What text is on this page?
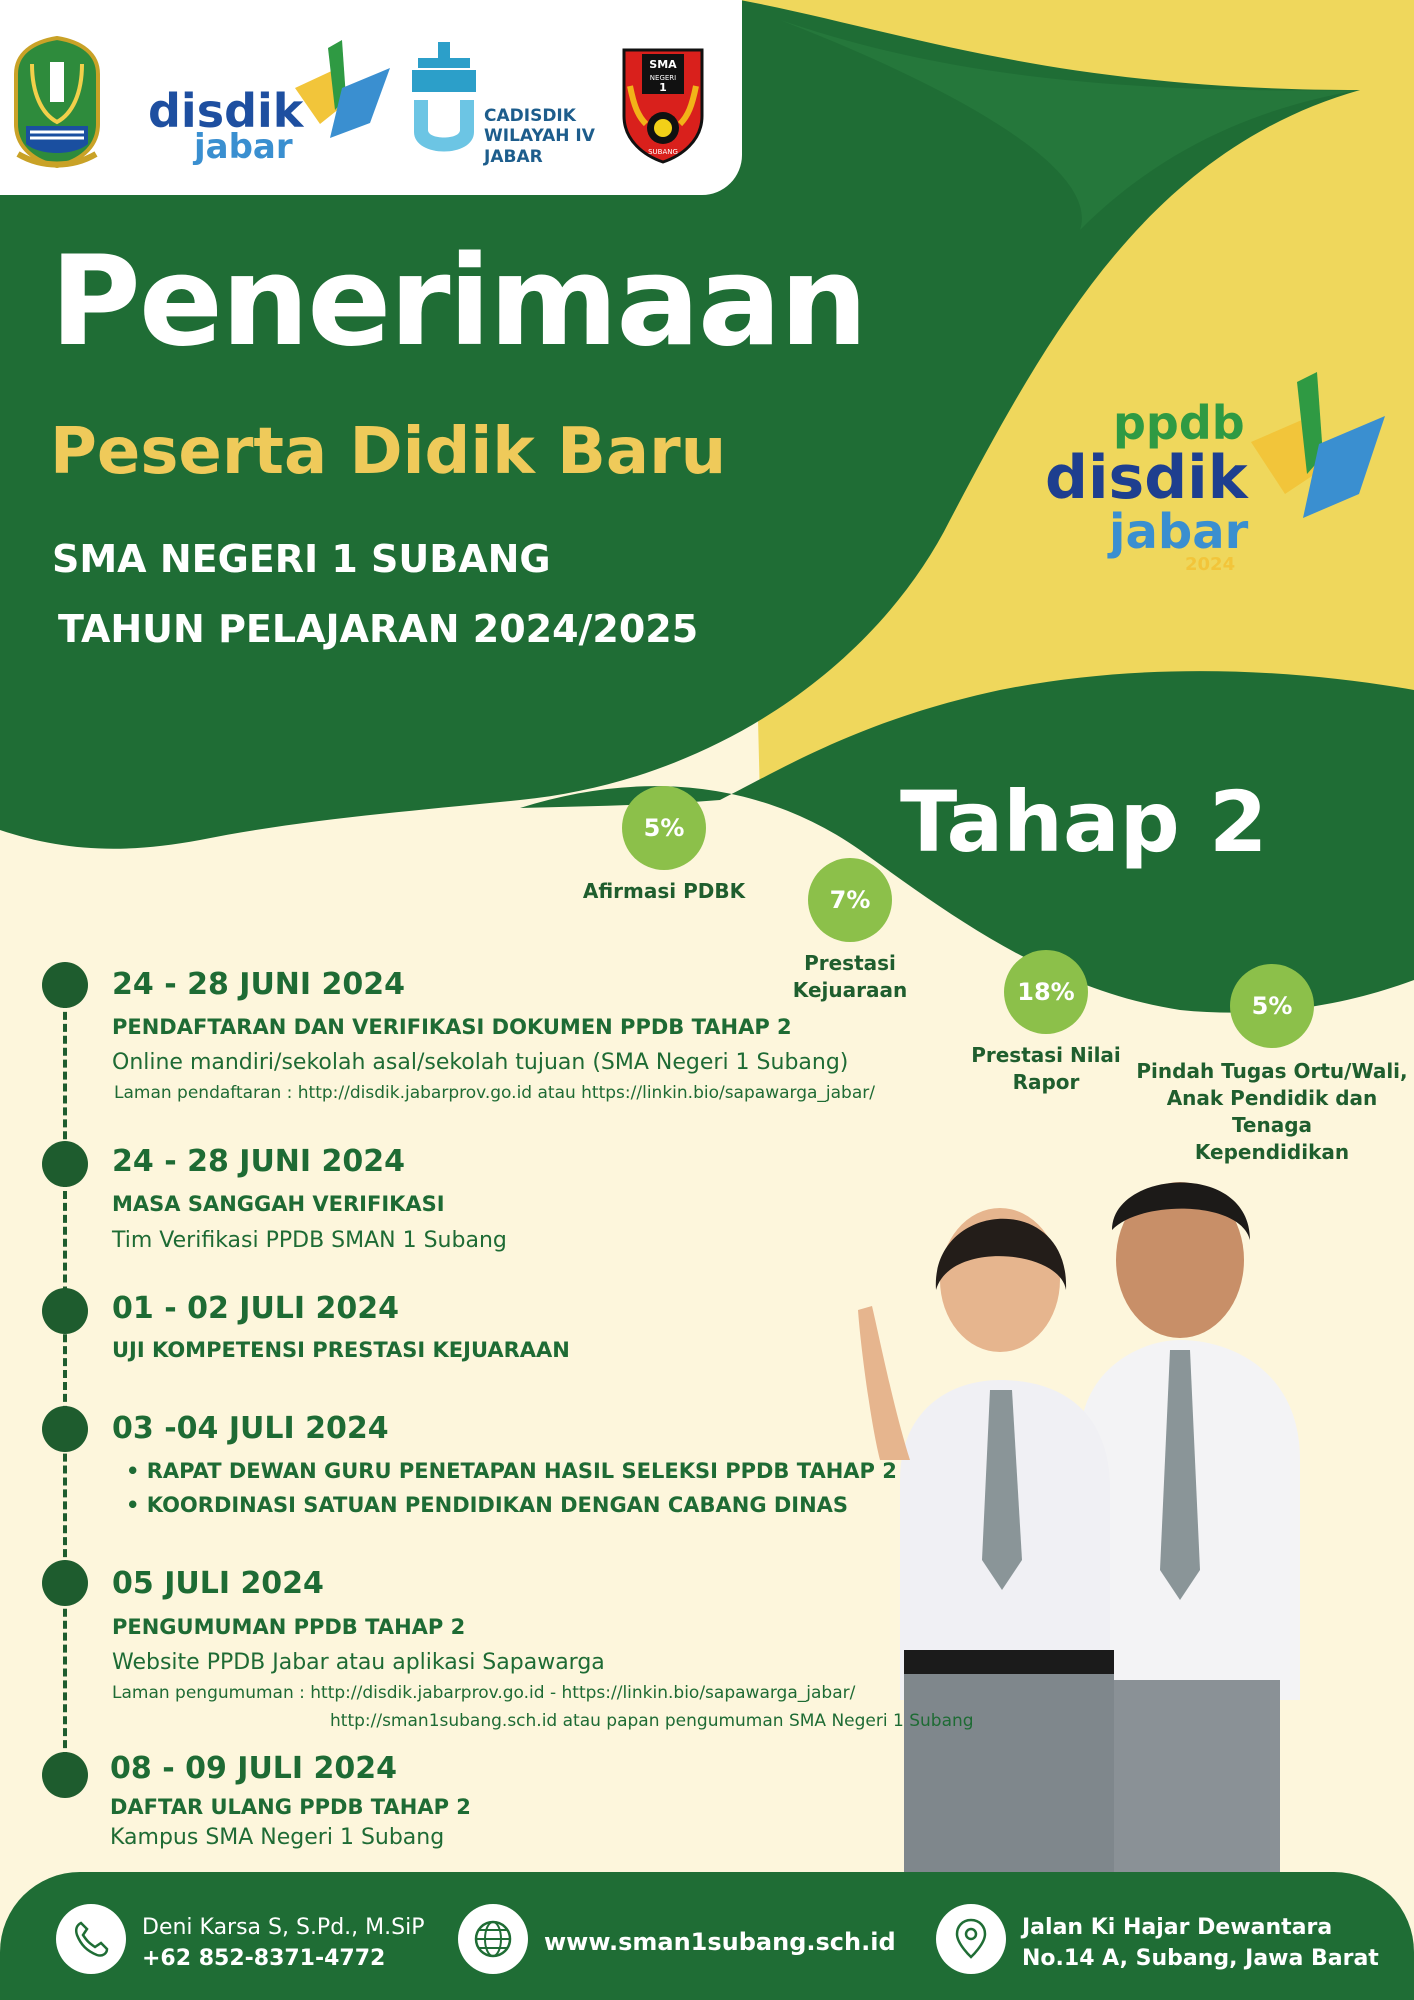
disdik
jabar
CADISDIK
WILAYAH IV
JABAR
SMA
NEGERI
1
SUBANG
Penerimaan
Peserta Didik Baru
SMA NEGERI 1 SUBANG
TAHUN PELAJARAN 2024/2025
ppdb
disdik
jabar
2024
Tahap 2
5%
Afirmasi PDBK	7%
Prestasi
Kejuaraan	18%
Prestasi Nilai
Rapor
5%
Pindah Tugas Ortu/Wali,
Anak Pendidik dan Tenaga
Kependidikan
24 - 28 JUNI 2024
PENDAFTARAN DAN VERIFIKASI DOKUMEN PPDB TAHAP 2
Online mandiri/sekolah asal/sekolah tujuan (SMA Negeri 1 Subang)
Laman pendaftaran : http://disdik.jabarprov.go.id atau https://linkin.bio/sapawarga_jabar/
24 - 28 JUNI 2024
MASA SANGGAH VERIFIKASI
Tim Verifikasi PPDB SMAN 1 Subang
01 - 02 JULI 2024
UJI KOMPETENSI PRESTASI KEJUARAAN
03 -04 JULI 2024
• RAPAT DEWAN GURU PENETAPAN HASIL SELEKSI PPDB TAHAP 2
• KOORDINASI SATUAN PENDIDIKAN DENGAN CABANG DINAS
05 JULI 2024
PENGUMUMAN PPDB TAHAP 2
Website PPDB Jabar atau aplikasi Sapawarga
Laman pengumuman : http://disdik.jabarprov.go.id - https://linkin.bio/sapawarga_jabar/
http://sman1subang.sch.id atau papan pengumuman SMA Negeri 1 Subang
08 - 09 JULI 2024
DAFTAR ULANG PPDB TAHAP 2
Kampus SMA Negeri 1 Subang
Deni Karsa S, S.Pd., M.SiP
+62 852-8371-4772
www.sman1subang.sch.id
Jalan Ki Hajar Dewantara
No.14 A, Subang, Jawa Barat
